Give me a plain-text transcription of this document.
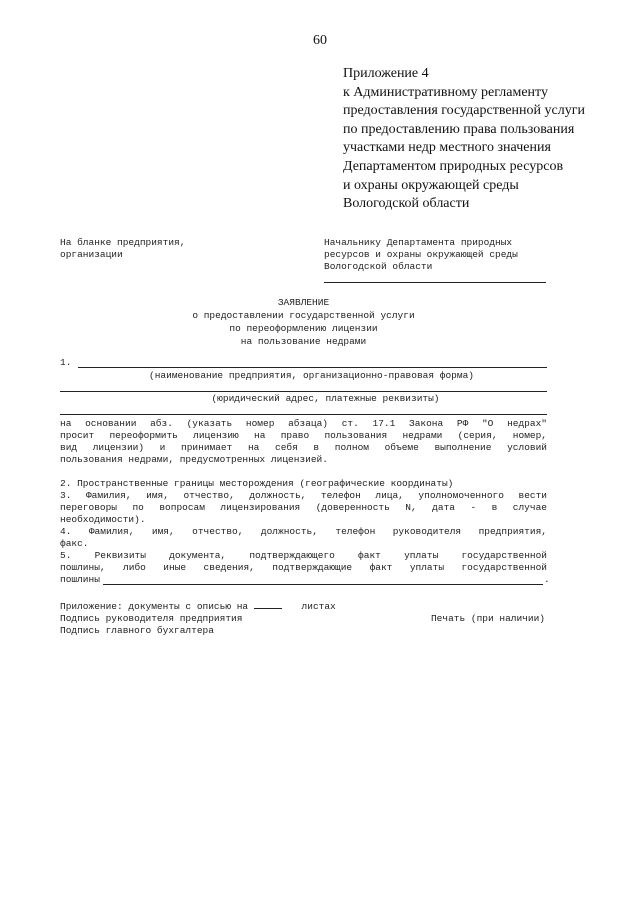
60
Приложение 4
к Административному регламенту
предоставления государственной услуги
по предоставлению права пользования
участками недр местного значения
Департаментом природных ресурсов
и охраны окружающей среды
Вологодской области
На бланке предприятия,
организации
Начальнику Департамента природных
ресурсов и охраны окружающей среды
Вологодской области
ЗАЯВЛЕНИЕ
о предоставлении государственной услуги
по переоформлению лицензии
на пользование недрами
1.
(наименование предприятия, организационно-правовая форма)
(юридический адрес, платежные реквизиты)
на основании абз. (указать номер абзаца) ст. 17.1 Закона РФ "О недрах"
просит переоформить лицензию на право пользования недрами (серия, номер,
вид лицензии) и принимает на себя в полном объеме выполнение условий
пользования недрами, предусмотренных лицензией.
2. Пространственные границы месторождения (географические координаты)
3. Фамилия, имя, отчество, должность, телефон лица, уполномоченного вести
переговоры по вопросам лицензирования (доверенность N, дата - в случае
необходимости).
4. Фамилия, имя, отчество, должность, телефон руководителя предприятия,
факс.
5. Реквизиты документа, подтверждающего факт уплаты государственной
пошлины, либо иные сведения, подтверждающие факт уплаты государственной
пошлины	.
Приложение: документы с описью на	листах
Подпись руководителя предприятия	Печать (при наличии)
Подпись главного бухгалтера
